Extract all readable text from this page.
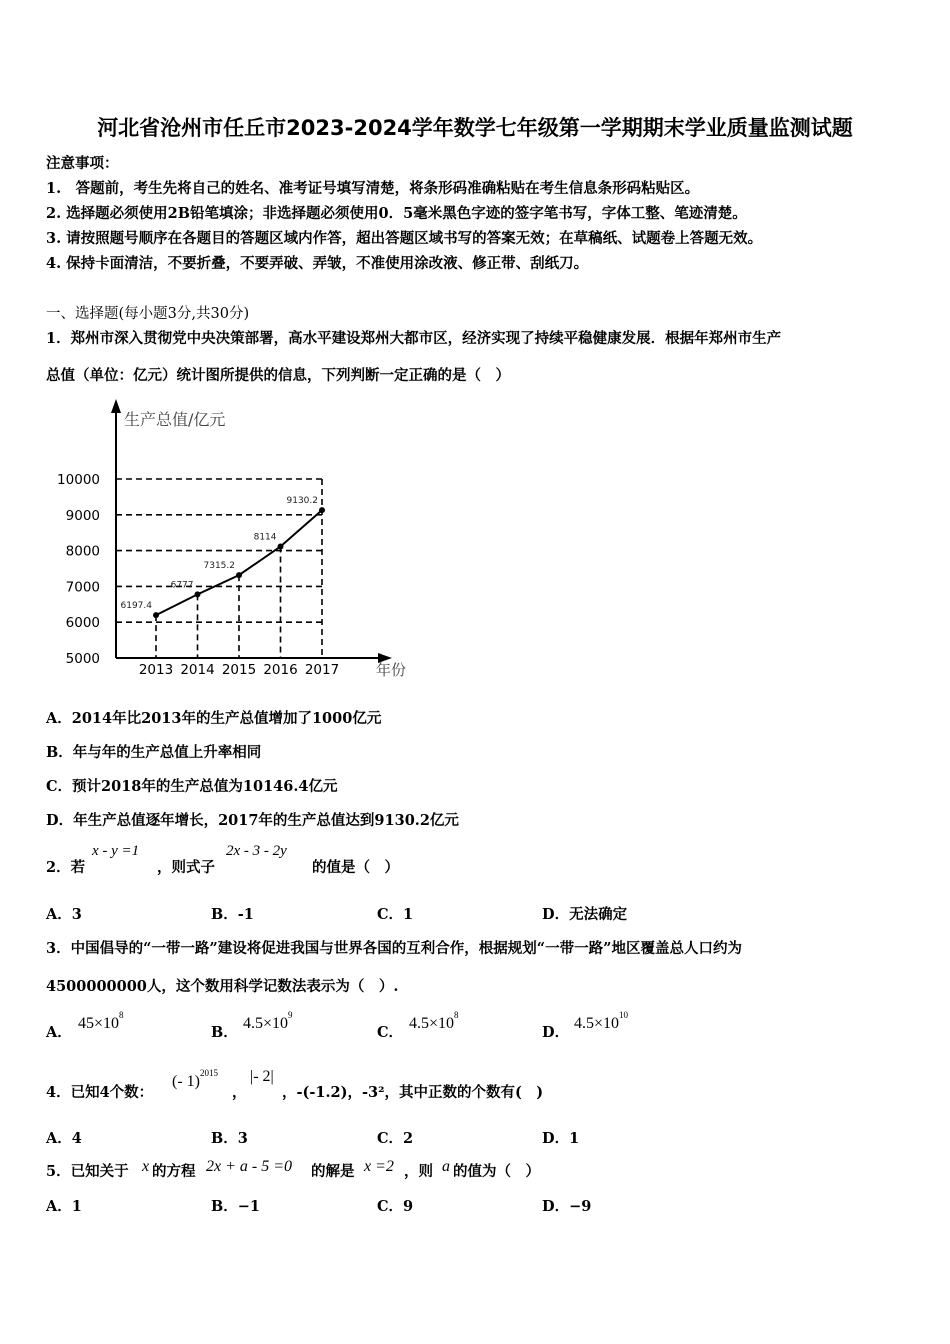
河北省沧州市任丘市2023-2024学年数学七年级第一学期期末学业质量监测试题
注意事项：
1.　答题前，考生先将自己的姓名、准考证号填写清楚，将条形码准确粘贴在考生信息条形码粘贴区。
2. 选择题必须使用2B铅笔填涂；非选择题必须使用0．5毫米黑色字迹的签字笔书写，字体工整、笔迹清楚。
3. 请按照题号顺序在各题目的答题区域内作答，超出答题区域书写的答案无效；在草稿纸、试题卷上答题无效。
4. 保持卡面清洁，不要折叠，不要弄破、弄皱，不准使用涂改液、修正带、刮纸刀。
一、选择题(每小题3分,共30分)
1．郑州市深入贯彻党中央决策部署，高水平建设郑州大都市区，经济实现了持续平稳健康发展．根据年郑州市生产
总值（单位：亿元）统计图所提供的信息，下列判断一定正确的是（　）
生产总值/亿元
年份
5000
6000
7000
8000
9000
10000
2013 2014 2015 2016 2017
6197.4
6777
7315.2
8114
9130.2
A．2014年比2013年的生产总值增加了1000亿元
B．年与年的生产总值上升率相同
C．预计2018年的生产总值为10146.4亿元
D．年生产总值逐年增长，2017年的生产总值达到9130.2亿元
2．若
x - y =1
，则式子
2x - 3 - 2y
的值是（　）
A．3	B．-1	C．1	D．无法确定
3．中国倡导的“一带一路”建设将促进我国与世界各国的互利合作，根据规划“一带一路”地区覆盖总人口约为
4500000000人，这个数用科学记数法表示为（　）.
A．
$45\times 10^8$
B．
$4.5\times 10^9$
C．
$4.5\times 10^8$
D．
$4.5\times 10^{10}$
4．已知4个数：
(- 1)$^{2015}$
，
|- 2|
，-(-1.2)，-3²，其中正数的个数有(　)
A．4	B．3	C．2	D．1
5．已知关于 x 的方程 2x + a - 5 =0 的解是 x =2 ，则 a 的值为（　）
A．1	B．−1	C．9	D．−9
